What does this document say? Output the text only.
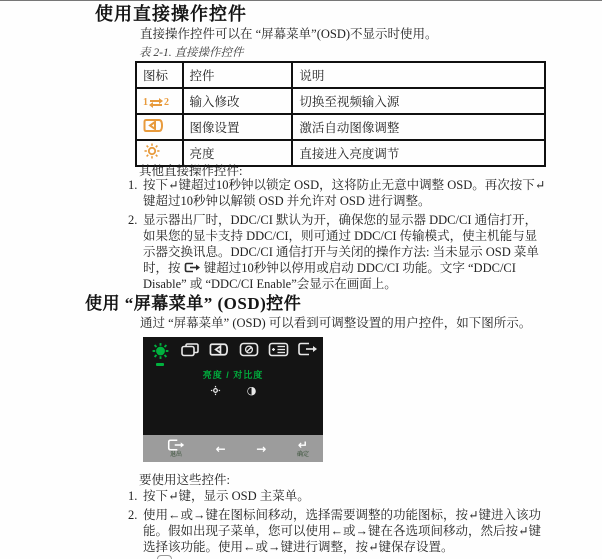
使用直接操作控件
直接操作控件可以在 “屏幕菜单”(OSD)不显示时使用。
表 2-1. 直接操作控件
图标	控件	说明

1 2	输入修改	切换至视频输入源
	图像设置	激活自动图像调整
	亮度	直接进入亮度调节
其他直接操作控件:
1. 按下↵键超过10秒钟以锁定 OSD，这将防止无意中调整 OSD。再次按下↵键超过10秒钟以解锁 OSD 并允许对 OSD 进行调整。
2. 显示器出厂时，DDC/CI 默认为开，确保您的显示器 DDC/CI 通信打开，如果您的显卡支持 DDC/CI，则可通过 DDC/CI 传输模式，使主机能与显示器交换讯息。DDC/CI 通信打开与关闭的操作方法: 当未显示 OSD 菜单时，按 键超过10秒钟以停用或启动 DDC/CI 功能。文字 “DDC/CI Disable” 或 “DDC/CI Enable”会显示在画面上。
使用 “屏幕菜单” (OSD)控件
通过 “屏幕菜单” (OSD) 可以看到可调整设置的用户控件，如下图所示。
亮度 / 对比度
◑
退出	←	→	↵
确定
要使用这些控件:
1. 按下↵键，显示 OSD 主菜单。
2. 使用←或→键在图标间移动，选择需要调整的功能图标，按↵键进入该功能。假如出现子菜单，您可以使用←或→键在各选项间移动，然后按↵键选择该功能。使用←或→键进行调整，按↵键保存设置。
